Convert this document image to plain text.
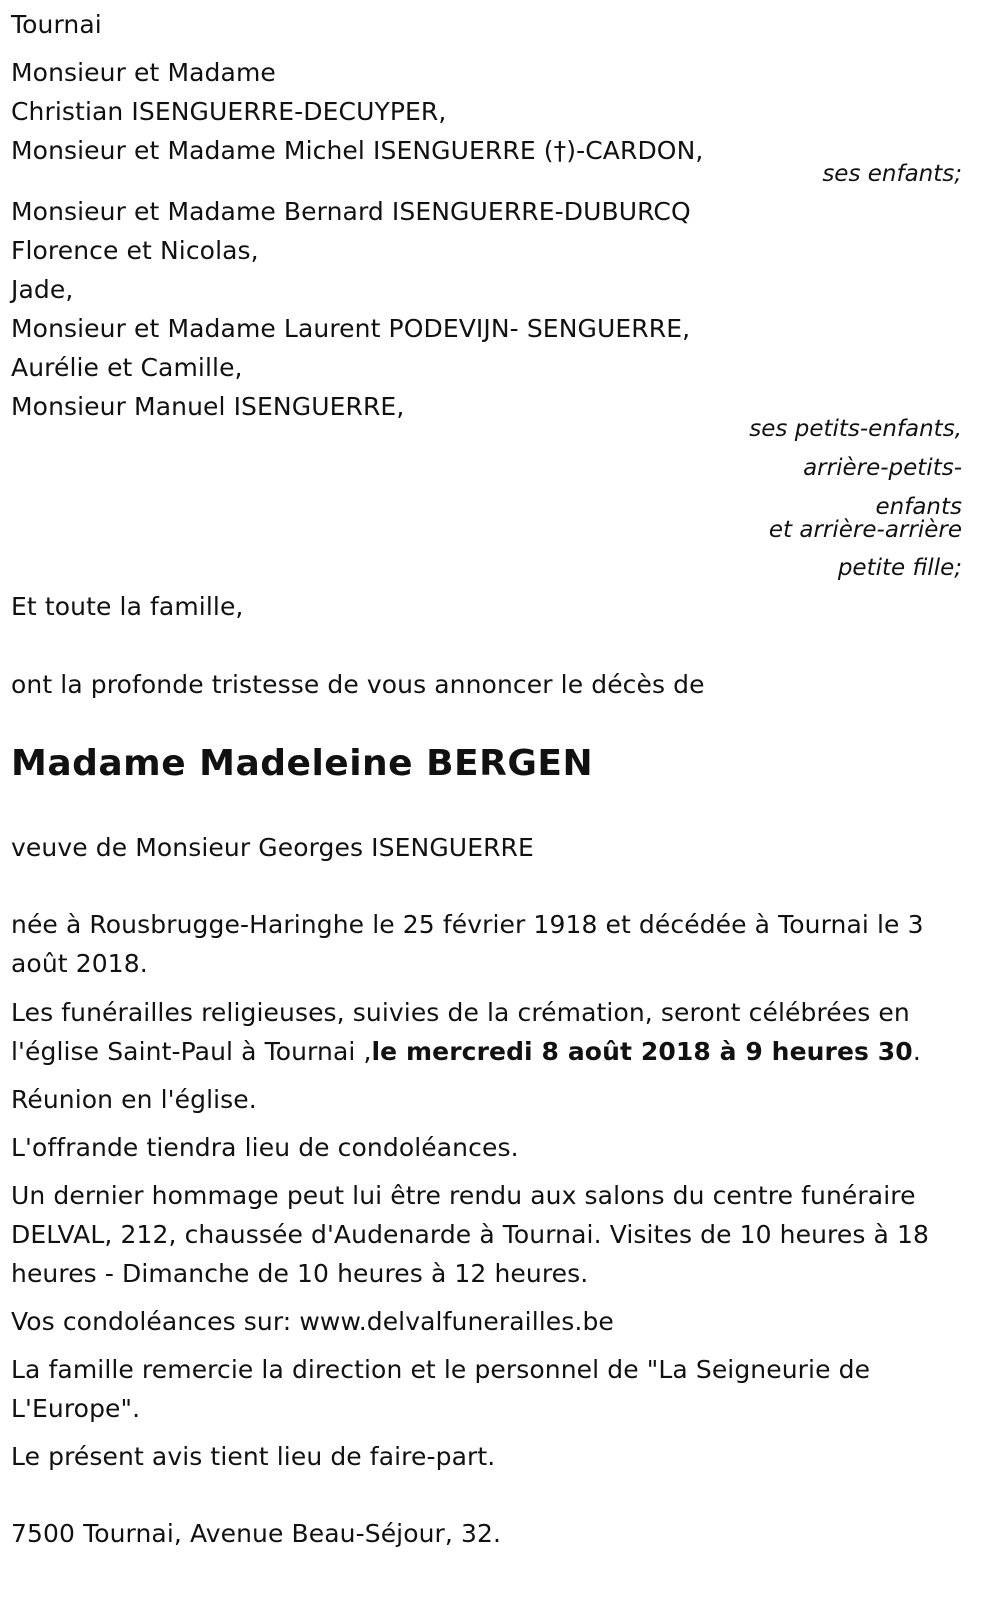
Tournai
Monsieur et Madame
Christian ISENGUERRE-DECUYPER,
Monsieur et Madame Michel ISENGUERRE (†)-CARDON,
ses enfants;
Monsieur et Madame Bernard ISENGUERRE-DUBURCQ
Florence et Nicolas,
Jade,
Monsieur et Madame Laurent PODEVIJN- SENGUERRE,
Aurélie et Camille,
Monsieur Manuel ISENGUERRE,
ses petits-enfants,
arrière-petits-
enfants
et arrière-arrière
petite fille;
Et toute la famille,
ont la profonde tristesse de vous annoncer le décès de
Madame Madeleine BERGEN
veuve de Monsieur Georges ISENGUERRE
née à Rousbrugge-Haringhe le 25 février 1918 et décédée à Tournai le 3 août 2018.
Les funérailles religieuses, suivies de la crémation, seront célébrées en l'église Saint-Paul à Tournai ,le mercredi 8 août 2018 à 9 heures 30.
Réunion en l'église.
L'offrande tiendra lieu de condoléances.
Un dernier hommage peut lui être rendu aux salons du centre funéraire DELVAL, 212, chaussée d'Audenarde à Tournai. Visites de 10 heures à 18 heures - Dimanche de 10 heures à 12 heures.
Vos condoléances sur: www.delvalfunerailles.be
La famille remercie la direction et le personnel de "La Seigneurie de L'Europe".
Le présent avis tient lieu de faire-part.
7500 Tournai, Avenue Beau-Séjour, 32.
